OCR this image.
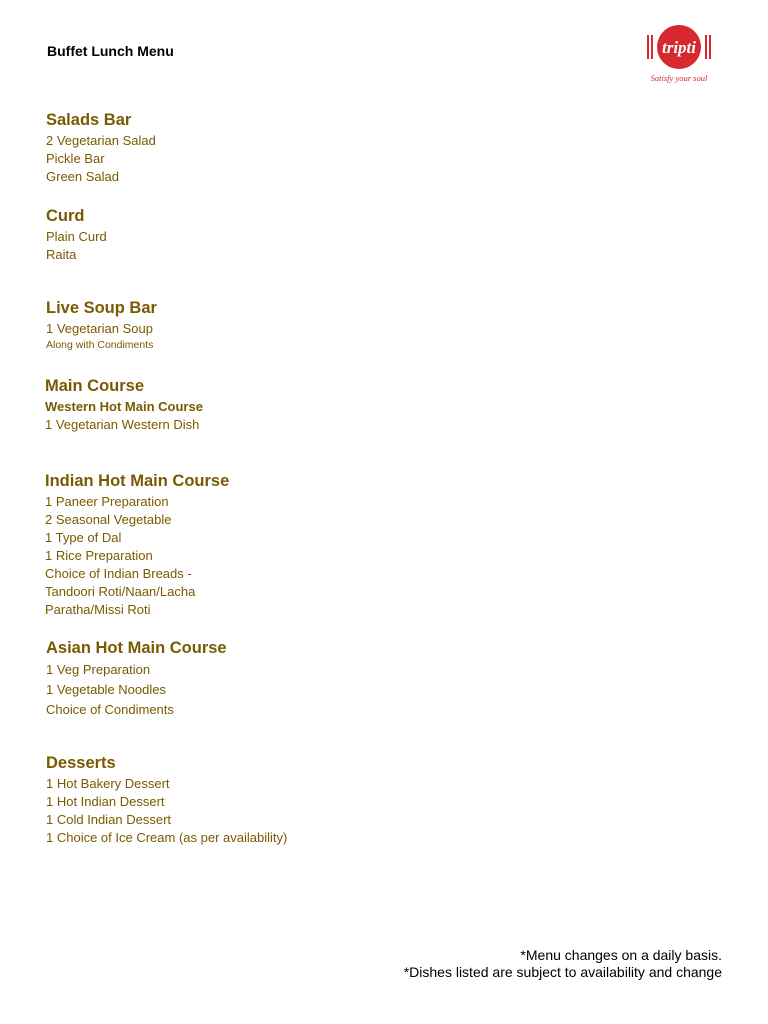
Buffet Lunch Menu	tripti
Satisfy your soul
Salads Bar
2 Vegetarian Salad
Pickle Bar
Green Salad
Curd
Plain Curd
Raita
Live Soup Bar
1 Vegetarian Soup
Along with Condiments
Main Course
Western Hot Main Course
1 Vegetarian Western Dish
Indian Hot Main Course
1 Paneer Preparation
2 Seasonal Vegetable
1 Type of Dal
1 Rice Preparation
Choice of Indian Breads -
Tandoori Roti/Naan/Lacha
Paratha/Missi Roti
Asian Hot Main Course
1 Veg Preparation
1 Vegetable Noodles
Choice of Condiments
Desserts
1 Hot Bakery Dessert
1 Hot Indian Dessert
1 Cold Indian Dessert
1 Choice of Ice Cream (as per availability)
*Menu changes on a daily basis.
*Dishes listed are subject to availability and change
